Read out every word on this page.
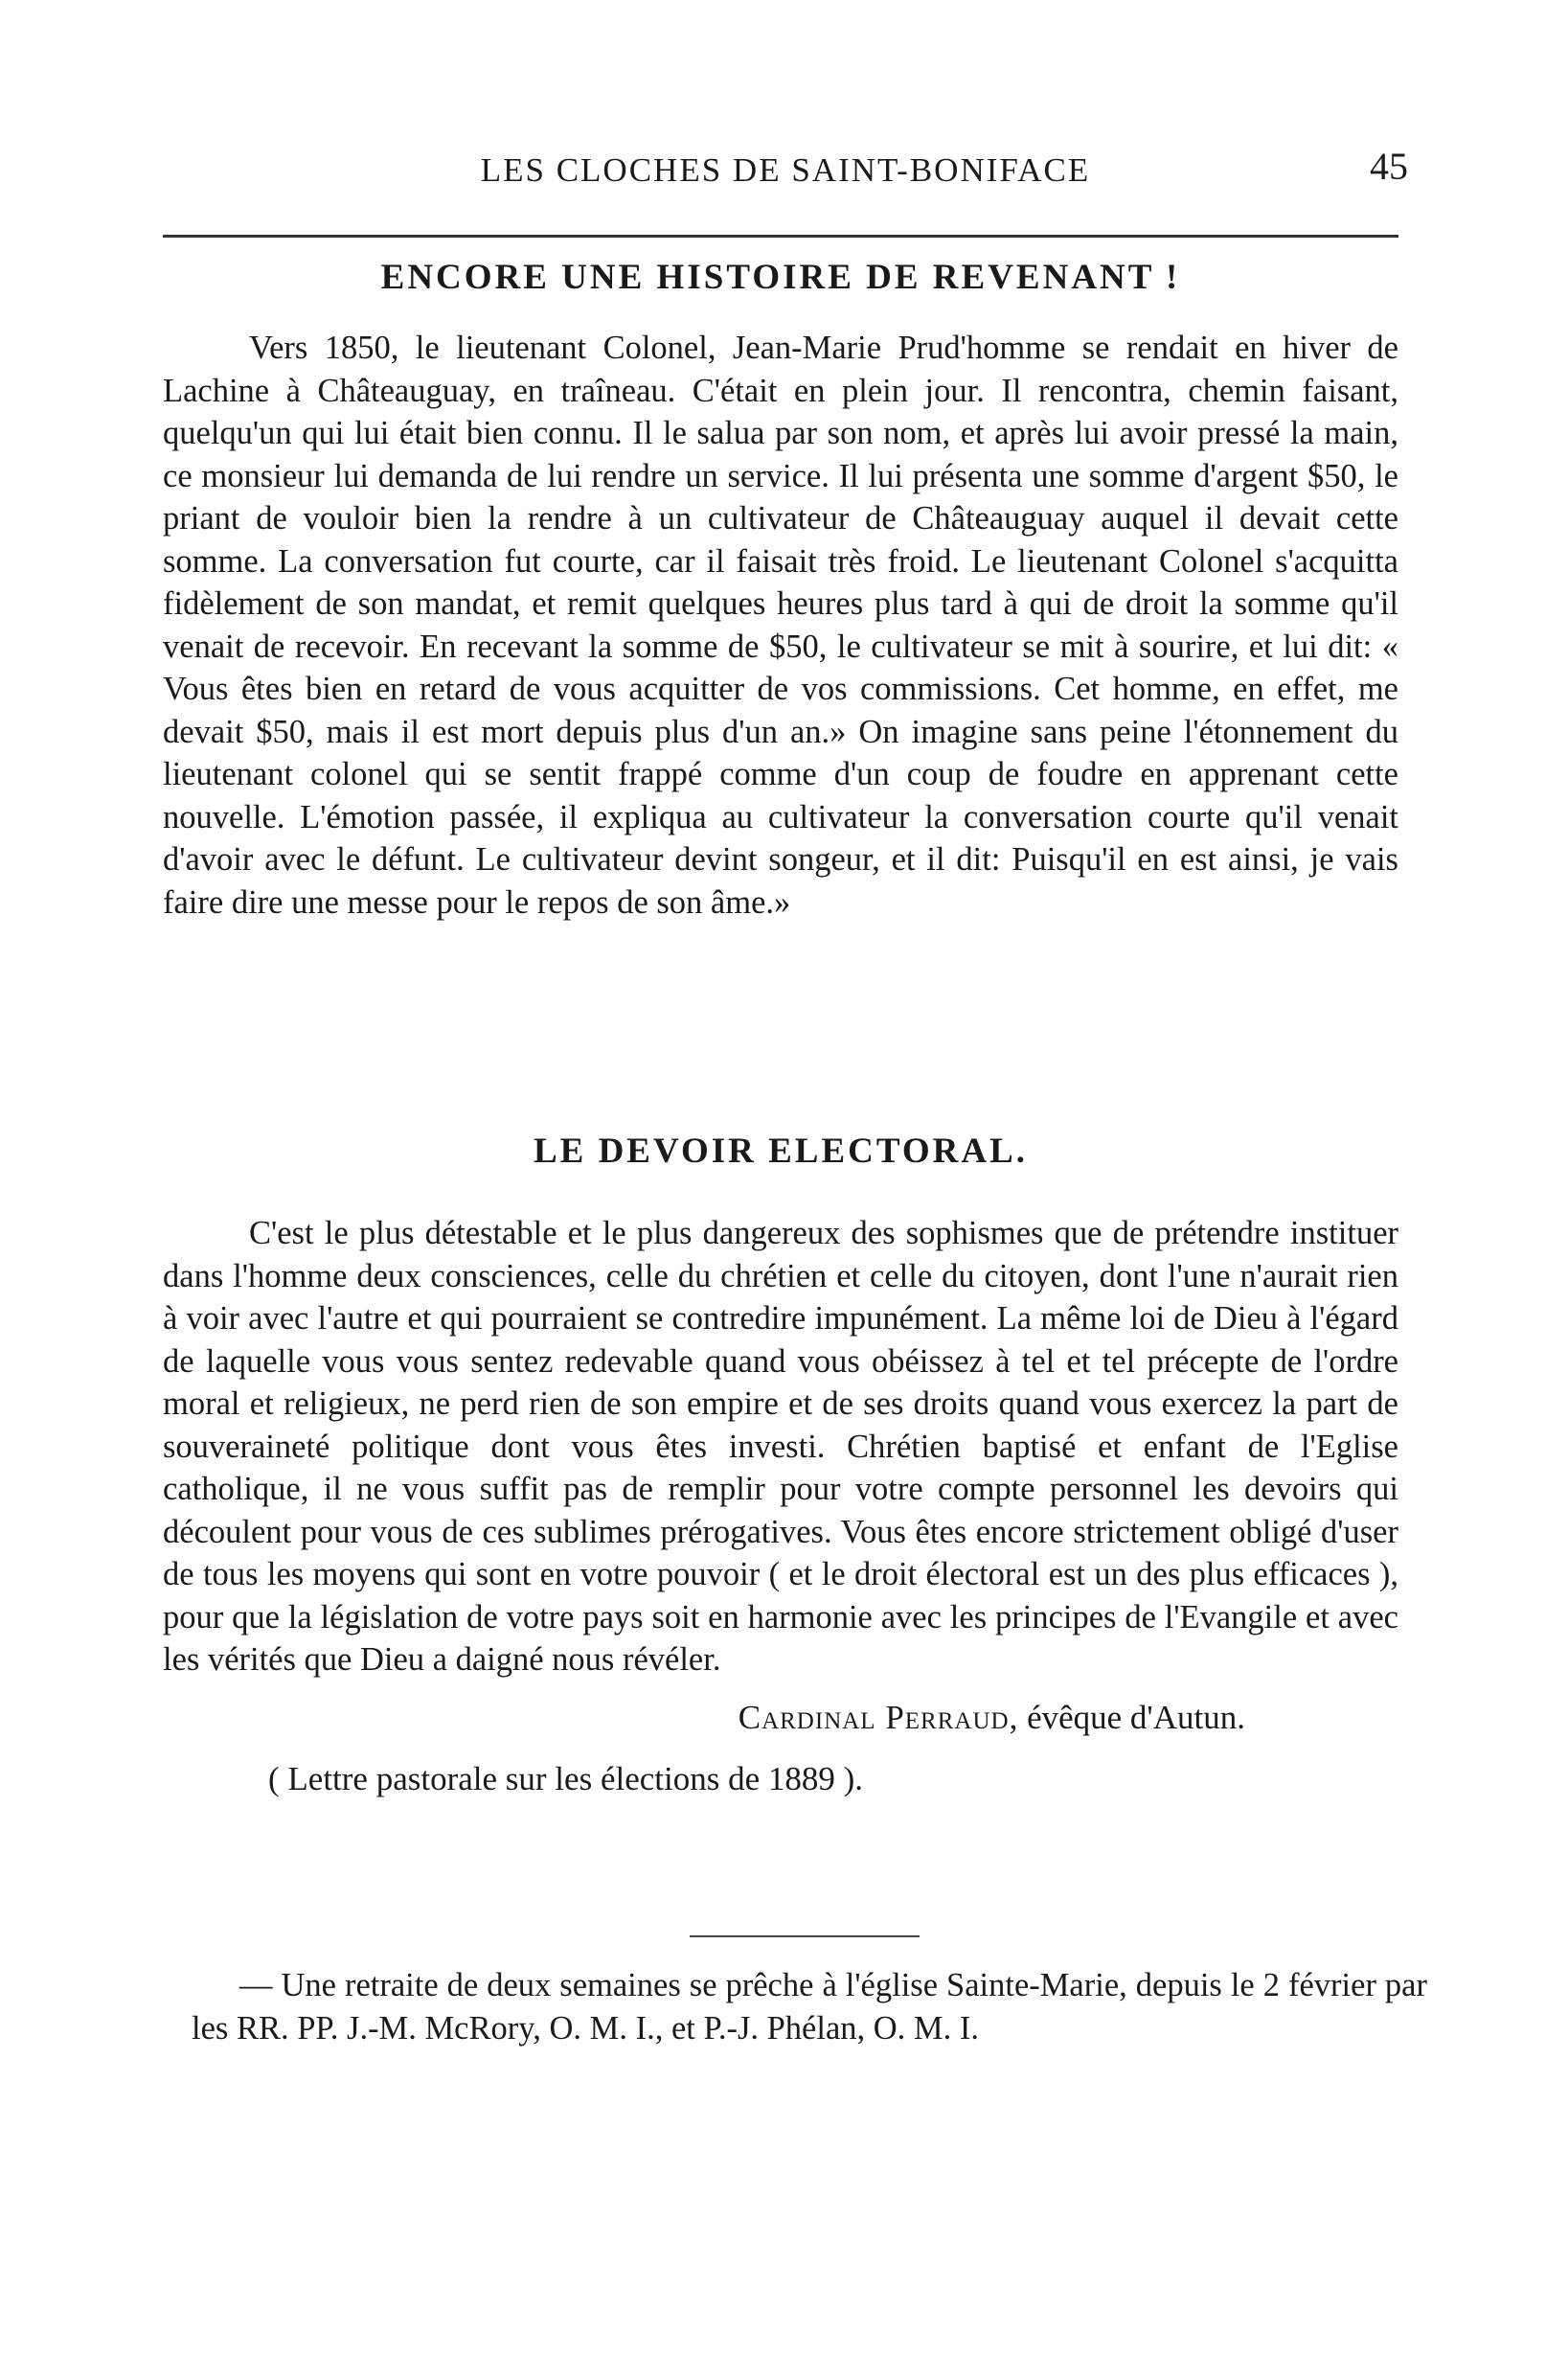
LES CLOCHES DE SAINT-BONIFACE	45
ENCORE UNE HISTOIRE DE REVENANT !

Vers 1850, le lieutenant Colonel, Jean-Marie Prud'homme se rendait en hiver de Lachine à Châteauguay, en traîneau. C'était en plein jour. Il rencontra, chemin faisant, quelqu'un qui lui était bien connu. Il le salua par son nom, et après lui avoir pressé la main, ce monsieur lui demanda de lui rendre un service. Il lui présenta une somme d'argent $50, le priant de vouloir bien la rendre à un cultivateur de Châteauguay auquel il devait cette somme. La conversation fut courte, car il faisait très froid. Le lieutenant Colonel s'acquitta fidèlement de son mandat, et remit quelques heures plus tard à qui de droit la somme qu'il venait de recevoir. En recevant la somme de $50, le cultivateur se mit à sourire, et lui dit: « Vous êtes bien en retard de vous acquitter de vos commissions. Cet homme, en effet, me devait $50, mais il est mort depuis plus d'un an.» On imagine sans peine l'étonnement du lieutenant colonel qui se sentit frappé comme d'un coup de foudre en apprenant cette nouvelle. L'émotion passée, il expliqua au cultivateur la conversation courte qu'il venait d'avoir avec le défunt. Le cultivateur devint songeur, et il dit: Puisqu'il en est ainsi, je vais faire dire une messe pour le repos de son âme.»

LE DEVOIR ELECTORAL.

C'est le plus détestable et le plus dangereux des sophismes que de prétendre instituer dans l'homme deux consciences, celle du chrétien et celle du citoyen, dont l'une n'aurait rien à voir avec l'autre et qui pourraient se contredire impunément. La même loi de Dieu à l'égard de laquelle vous vous sentez redevable quand vous obéissez à tel et tel précepte de l'ordre moral et religieux, ne perd rien de son empire et de ses droits quand vous exercez la part de souveraineté politique dont vous êtes investi. Chrétien baptisé et enfant de l'Eglise catholique, il ne vous suffit pas de remplir pour votre compte personnel les devoirs qui découlent pour vous de ces sublimes prérogatives. Vous êtes encore strictement obligé d'user de tous les moyens qui sont en votre pouvoir ( et le droit électoral est un des plus efficaces ), pour que la législation de votre pays soit en harmonie avec les principes de l'Evangile et avec les vérités que Dieu a daigné nous révéler.

Cardinal Perraud, évêque d'Autun.
( Lettre pastorale sur les élections de 1889 ).

— Une retraite de deux semaines se prêche à l'église Sainte-Marie, depuis le 2 février par les RR. PP. J.-M. McRory, O. M. I., et P.-J. Phélan, O. M. I.
